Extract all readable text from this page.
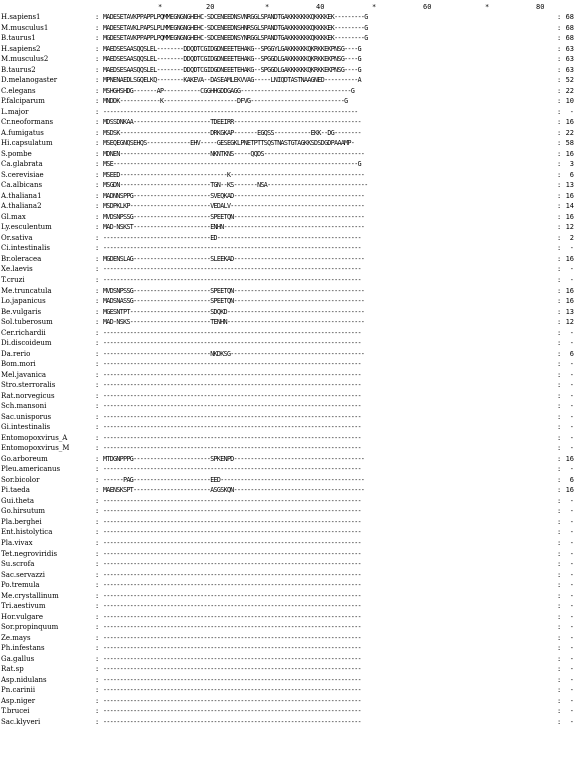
*	20	*	40	*	60	*	80
H.sapiens1	: MADESETAVKPPAPPLPQMMEGNGNGHEHC-SDCENEEDNSVNRGGLSPANDTGAKKKKKKKQKKKKEK---------G	: 68
M.musculus1	: MADESETAVKLPAPSLPLMMEGNGNGHEHC-SDCENEEDNSHNRSGLSPANDTGAKKKKKKKQKKKKEK---------G	: 68
B.taurus1	: MGDESETAVKPPAPPLPQMMEGNGNGHEHC-SDCENEEDNSYNRGGLSPANDTGAKKKKKKKQKKKKEK---------G	: 68
H.sapiens2	: MAEDSESAASQQSLEL--------DDQDTCGIDGDNEEETEHAKG--SPGGYLGAKKKKKKQKRKKEKPNSG----G	: 63
M.musculus2	: MAEDSESAASQQSLEL--------DDQDTCGIDGDNEEETEHAKG--SPGGDLGAKKKKKKQKRKKEKPNSG----G	: 63
B.taurus2	: MAEDSESAASQQSLEL--------DDQDTCGIDGDNEEETEHAKG--SPGGDLGAKKKKKKQKRKKEKPNSG----G	: 63
D.melanogaster	: MPNENAEDLSGQELKQ--------KAKEVA--DASEAMLEKVVAG-----LNIQDTASTNAAGNED----------A	: 52
C.elegans	: MSHGHSHDG-------AP-----------CGGHHGDDGAGG---------------------------------G	: 22
P.falciparum	: MNDDK------------K----------------------DFVG----------------------------G	: 10
L.major	: ----------------------------------------------------------------------------	: -
Cr.neoformans	: MDSSDNKAA-----------------------TDEEIRR--------------------------------------	: 16
A.fumigatus	: MSDSK---------------------------DRKGKAP-------EGQSS-----------EKK--DG--------	: 22
Hi.capsulatum	: MSEQEGNQSEHQS-------------EHV-----GESEGKLPNETPTTSQSTNASTGTAGKKSDSDGDPAAAMP-	: 58
S.pombe	: MDNEN---------------------------NKNTKNS-----QQDS------------------------------	: 16
Ca.glabrata	: MSE-------------------------------------------------------------------------G	: 3
S.cerevisiae	: MSEED--------------------------------K----------------------------------------	: 6
Ca.albicans	: MSGDN---------------------------TGN--KS-------NSA------------------------------	: 13
A.thaliana1	: MADNNSPPG-----------------------SVEQKAD---------------------------------------	: 16
A.thaliana2	: MSDPKLKP------------------------VEDALV----------------------------------------	: 14
Gl.max	: MVDSNPSSG-----------------------SPEETQN---------------------------------------	: 16
Ly.esculentum	: MAD-NSKST-----------------------ENHN------------------------------------------	: 12
Or.sativa	: --------------------------------ED-------------------------------------------	: 2
Ci.intestinalis	: -----------------------------------------------------------------------------	: -
Br.oleracea	: MGDENSLAG-----------------------SLEEKAD---------------------------------------	: 16
Xe.laevis	: -----------------------------------------------------------------------------	: -
T.cruzi	: -----------------------------------------------------------------------------	: -
Me.truncatula	: MVDSNPSSG-----------------------SPEETQN---------------------------------------	: 16
Lo.japanicus	: MADSNASSG-----------------------SPEETQN---------------------------------------	: 16
Be.vulgaris	: MGESNTPT------------------------SDQKD-----------------------------------------	: 13
Sol.tuberosum	: MAD-NSKS------------------------TENHN-----------------------------------------	: 12
Cer.richardii	: -----------------------------------------------------------------------------	: -
Di.discoideum	: -----------------------------------------------------------------------------	: -
Da.rerio	: --------------------------------NKDKSG----------------------------------------	: 6
Bom.mori	: -----------------------------------------------------------------------------	: -
Mel.javanica	: -----------------------------------------------------------------------------	: -
Stro.sterroralis	: -----------------------------------------------------------------------------	: -
Rat.norvegicus	: -----------------------------------------------------------------------------	: -
Sch.mansoni	: -----------------------------------------------------------------------------	: -
Sac.unisporus	: -----------------------------------------------------------------------------	: -
Gi.intestinalis	: -----------------------------------------------------------------------------	: -
Entomopoxvirus_A	: -----------------------------------------------------------------------------	: -
Entomopoxvirus_M	: -----------------------------------------------------------------------------	: -
Go.arboreum	: MTDGNPPPG-----------------------SPKENPD---------------------------------------	: 16
Pleu.americanus	: -----------------------------------------------------------------------------	: -
Sor.bicolor	: ------PAG-----------------------EED-------------------------------------------	: 6
Pi.taeda	: MAENSKSPT-----------------------ASGSKQN---------------------------------------	: 16
Gui.theta	: -----------------------------------------------------------------------------	: -
Go.hirsutum	: -----------------------------------------------------------------------------	: -
Pla.berghei	: -----------------------------------------------------------------------------	: -
Ent.histolytica	: -----------------------------------------------------------------------------	: -
Pla.vivax	: -----------------------------------------------------------------------------	: -
Tet.negroviridis	: -----------------------------------------------------------------------------	: -
Su.scrofa	: -----------------------------------------------------------------------------	: -
Sac.servazzi	: -----------------------------------------------------------------------------	: -
Po.tremula	: -----------------------------------------------------------------------------	: -
Me.crystallinum	: -----------------------------------------------------------------------------	: -
Tri.aestivum	: -----------------------------------------------------------------------------	: -
Hor.vulgare	: -----------------------------------------------------------------------------	: -
Sor.propinquum	: -----------------------------------------------------------------------------	: -
Ze.mays	: -----------------------------------------------------------------------------	: -
Ph.infestans	: -----------------------------------------------------------------------------	: -
Ga.gallus	: -----------------------------------------------------------------------------	: -
Rat.sp	: -----------------------------------------------------------------------------	: -
Asp.nidulans	: -----------------------------------------------------------------------------	: -
Pn.carinii	: -----------------------------------------------------------------------------	: -
Asp.niger	: -----------------------------------------------------------------------------	: -
T.brucei	: -----------------------------------------------------------------------------	: -
Sac.klyveri	: -----------------------------------------------------------------------------	: -
